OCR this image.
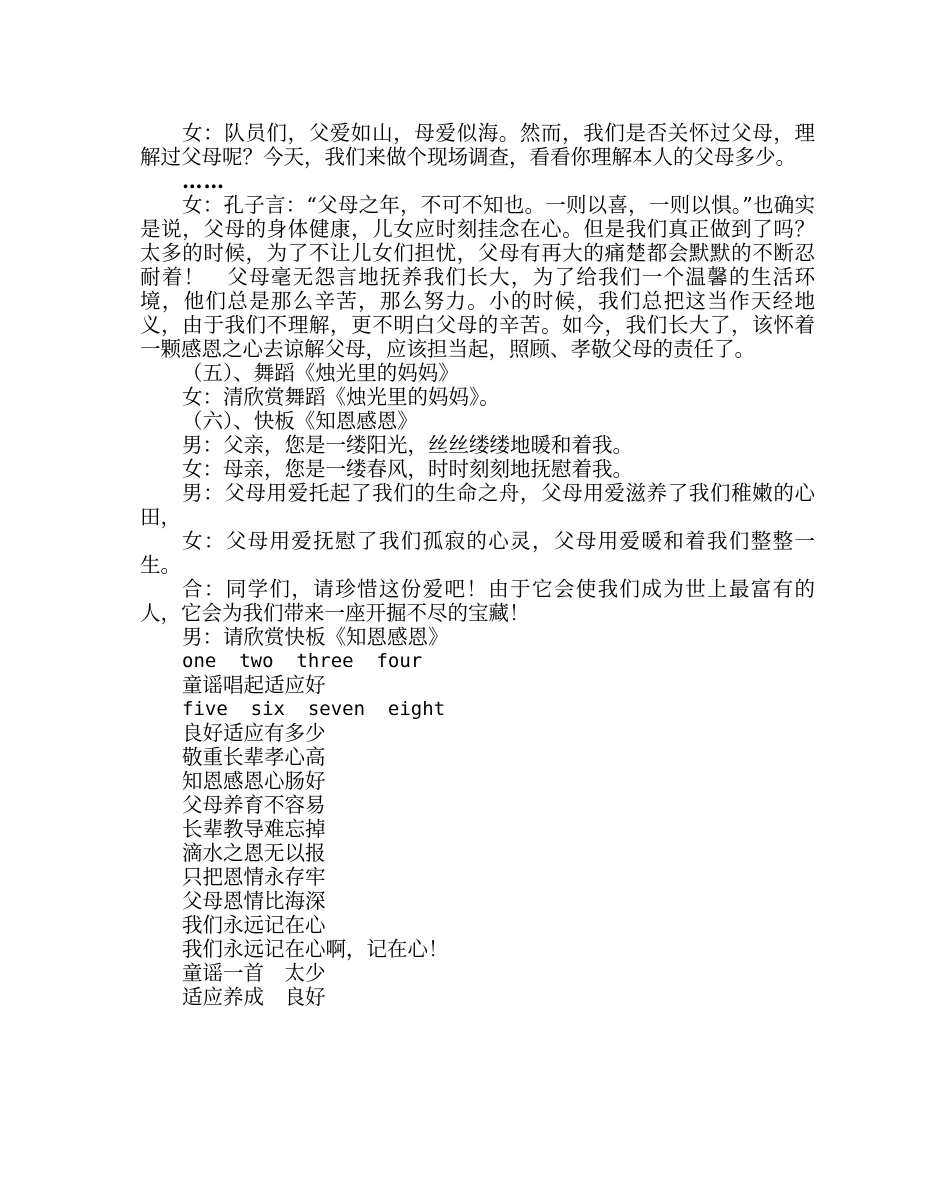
女：队员们，父爱如山，母爱似海。然而，我们是否关怀过父母，理解过父母呢？今天，我们来做个现场调查，看看你理解本人的父母多少。

……

女：孔子言：“父母之年，不可不知也。一则以喜，一则以惧。”也确实是说，父母的身体健康，儿女应时刻挂念在心。但是我们真正做到了吗？太多的时候，为了不让儿女们担忧，父母有再大的痛楚都会默默的不断忍耐着！　父母毫无怨言地抚养我们长大，为了给我们一个温馨的生活环境，他们总是那么辛苦，那么努力。小的时候，我们总把这当作天经地义，由于我们不理解，更不明白父母的辛苦。如今，我们长大了，该怀着一颗感恩之心去谅解父母，应该担当起，照顾、孝敬父母的责任了。

（五）、舞蹈《烛光里的妈妈》

女：清欣赏舞蹈《烛光里的妈妈》。

（六）、快板《知恩感恩》

男：父亲，您是一缕阳光，丝丝缕缕地暖和着我。

女：母亲，您是一缕春风，时时刻刻地抚慰着我。

男：父母用爱托起了我们的生命之舟，父母用爱滋养了我们稚嫩的心田，

女：父母用爱抚慰了我们孤寂的心灵，父母用爱暖和着我们整整一生。

合：同学们，请珍惜这份爱吧！由于它会使我们成为世上最富有的人，它会为我们带来一座开掘不尽的宝藏！

男：请欣赏快板《知恩感恩》

one  two  three  four

童谣唱起适应好

five  six  seven  eight

良好适应有多少

敬重长辈孝心高

知恩感恩心肠好

父母养育不容易

长辈教导难忘掉

滴水之恩无以报

只把恩情永存牢

父母恩情比海深

我们永远记在心

我们永远记在心啊，记在心！

童谣一首　太少

适应养成　良好
